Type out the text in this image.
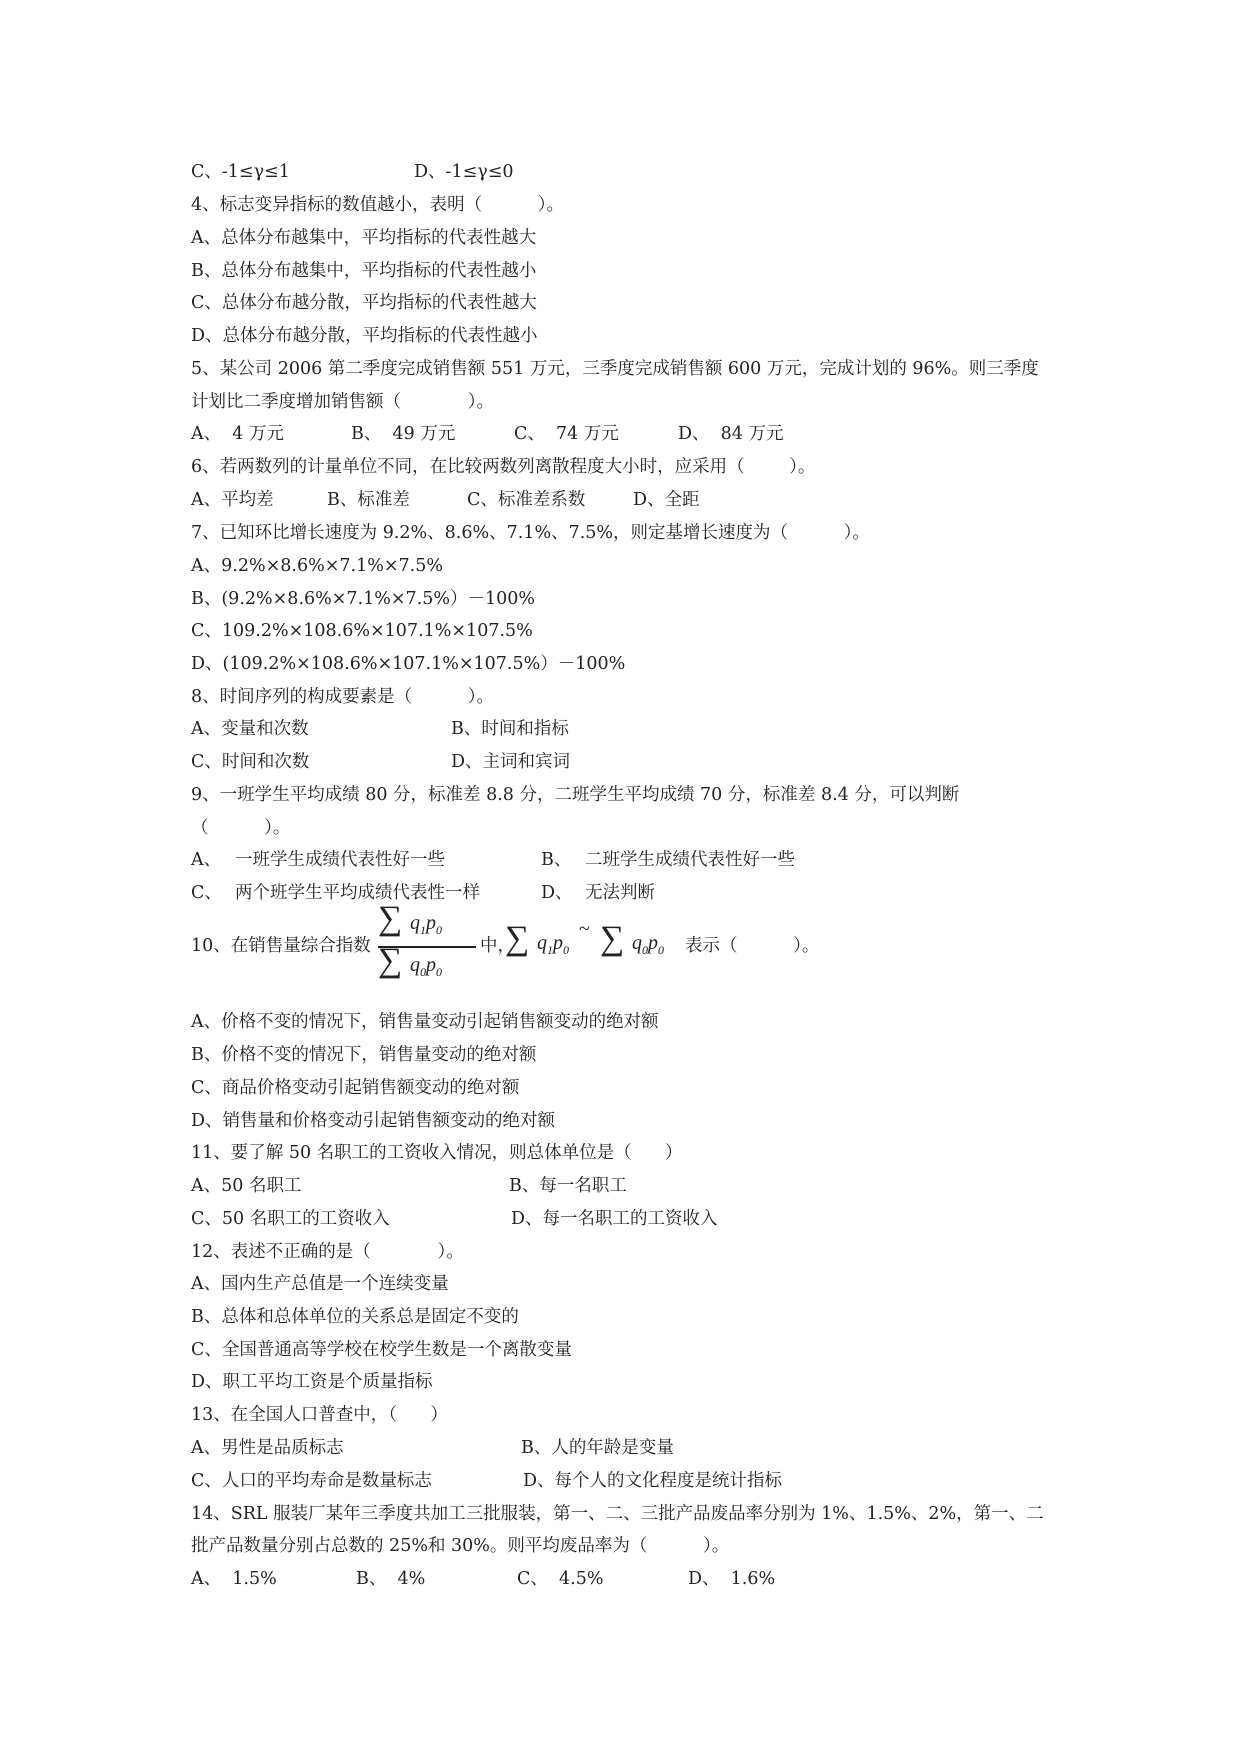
C、-1≤γ≤1	D、-1≤γ≤0
4、标志变异指标的数值越小，表明（          ）。
A、总体分布越集中，平均指标的代表性越大
B、总体分布越集中，平均指标的代表性越小
C、总体分布越分散，平均指标的代表性越大
D、总体分布越分散，平均指标的代表性越小
5、某公司 2006 第二季度完成销售额 551 万元，三季度完成销售额 600 万元，完成计划的 96%。则三季度
计划比二季度增加销售额（            ）。
A、  4 万元	B、  49 万元	C、  74 万元	D、  84 万元
6、若两数列的计量单位不同，在比较两数列离散程度大小时，应采用（        ）。
A、平均差	B、标准差	C、标准差系数	D、全距
7、已知环比增长速度为 9.2%、8.6%、7.1%、7.5%，则定基增长速度为（          ）。
A、9.2%×8.6%×7.1%×7.5%
B、(9.2%×8.6%×7.1%×7.5%）－100%
C、109.2%×108.6%×107.1%×107.5%
D、(109.2%×108.6%×107.1%×107.5%）－100%
8、时间序列的构成要素是（          ）。
A、变量和次数	B、时间和指标
C、时间和次数	D、主词和宾词
9、一班学生平均成绩 80 分，标准差 8.8 分，二班学生平均成绩 70 分，标准差 8.4 分，可以判断
（          ）。
A、 一班学生成绩代表性好一些	B、 二班学生成绩代表性好一些
C、 两个班学生平均成绩代表性一样	D、 无法判断
A、价格不变的情况下，销售量变动引起销售额变动的绝对额
B、价格不变的情况下，销售量变动的绝对额
C、商品价格变动引起销售额变动的绝对额
D、销售量和价格变动引起销售额变动的绝对额
11、要了解 50 名职工的工资收入情况，则总体单位是（      ）
A、50 名职工	B、每一名职工
C、50 名职工的工资收入	D、每一名职工的工资收入
12、表述不正确的是（            ）。
A、国内生产总值是一个连续变量
B、总体和总体单位的关系总是固定不变的
C、全国普通高等学校在校学生数是一个离散变量
D、职工平均工资是个质量指标
13、在全国人口普查中，（      ）
A、男性是品质标志	B、人的年龄是变量
C、人口的平均寿命是数量标志	D、每个人的文化程度是统计指标
14、SRL 服装厂某年三季度共加工三批服装，第一、二、三批产品废品率分别为 1%、1.5%、2%，第一、二
批产品数量分别占总数的 25%和 30%。则平均废品率为（          ）。
A、  1.5%	B、  4%	C、  4.5%	D、  1.6%
10、在销售量综合指数
∑ $q_1p_0$
∑ $q_0p_0$
中，
∑ $q_1p_0$
~ ∑ $q_0p_0$ 表示（          ）。
